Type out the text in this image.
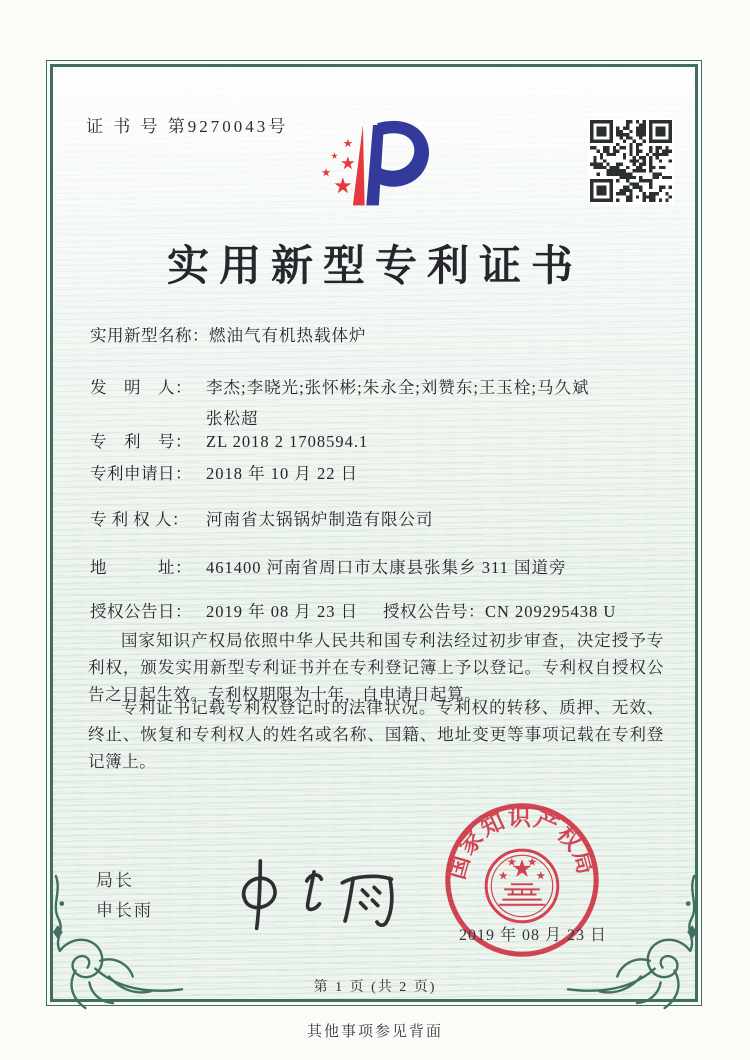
证 书 号 第9270043号
实用新型专利证书
实用新型名称：燃油气有机热载体炉
发　明　人： 李杰;李晓光;张怀彬;朱永全;刘赞东;王玉栓;马久斌
张松超
专　利　号： ZL 2018 2 1708594.1
专利申请日： 2018 年 10 月 22 日
专 利 权 人： 河南省太锅锅炉制造有限公司
地　　　址： 461400 河南省周口市太康县张集乡 311 国道旁
授权公告日： 2019 年 08 月 23 日 授权公告号：CN 209295438 U

国家知识产权局依照中华人民共和国专利法经过初步审查，决定授予专利权，颁发实用新型专利证书并在专利登记簿上予以登记。专利权自授权公告之日起生效。专利权期限为十年，自申请日起算。

专利证书记载专利权登记时的法律状况。专利权的转移、质押、无效、终止、恢复和专利权人的姓名或名称、国籍、地址变更等事项记载在专利登记簿上。

局长
申长雨
国家知识产权局
2019 年 08 月 23 日
第 1 页 (共 2 页)
其他事项参见背面
